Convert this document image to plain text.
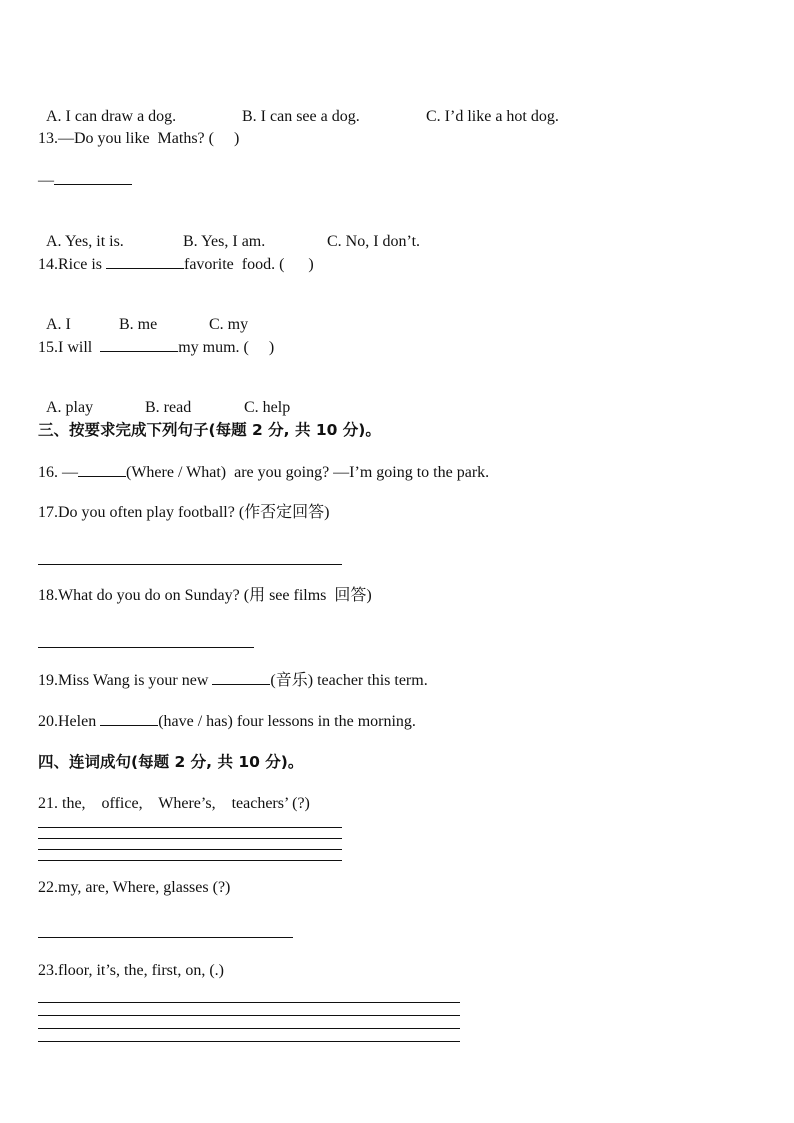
A. I can draw a dog.	B. I can see a dog.	C. I’d like a hot dog.

13.—Do you like  Maths? (     )
—

A. Yes, it is.	B. Yes, I am.	C. No, I don’t.

14.Rice is	favorite  food. (      )

A. I	B. me	C. my

15.I will	my mum. (     )

A. play	B. read	C. help

三、按要求完成下列句子(每题 2 分, 共 10 分)。
16. —	(Where / What)  are you going? —I’m going to the park.
17.Do you often play football? (作否定回答)
18.What do you do on Sunday? (用 see films  回答)
19.Miss Wang is your new	(音乐) teacher this term.
20.Helen	(have / has) four lessons in the morning.
四、连词成句(每题 2 分, 共 10 分)。
21. the,    office,    Where’s,    teachers’ (?)
22.my, are, Where, glasses (?)
23.floor, it’s, the, first, on, (.)
